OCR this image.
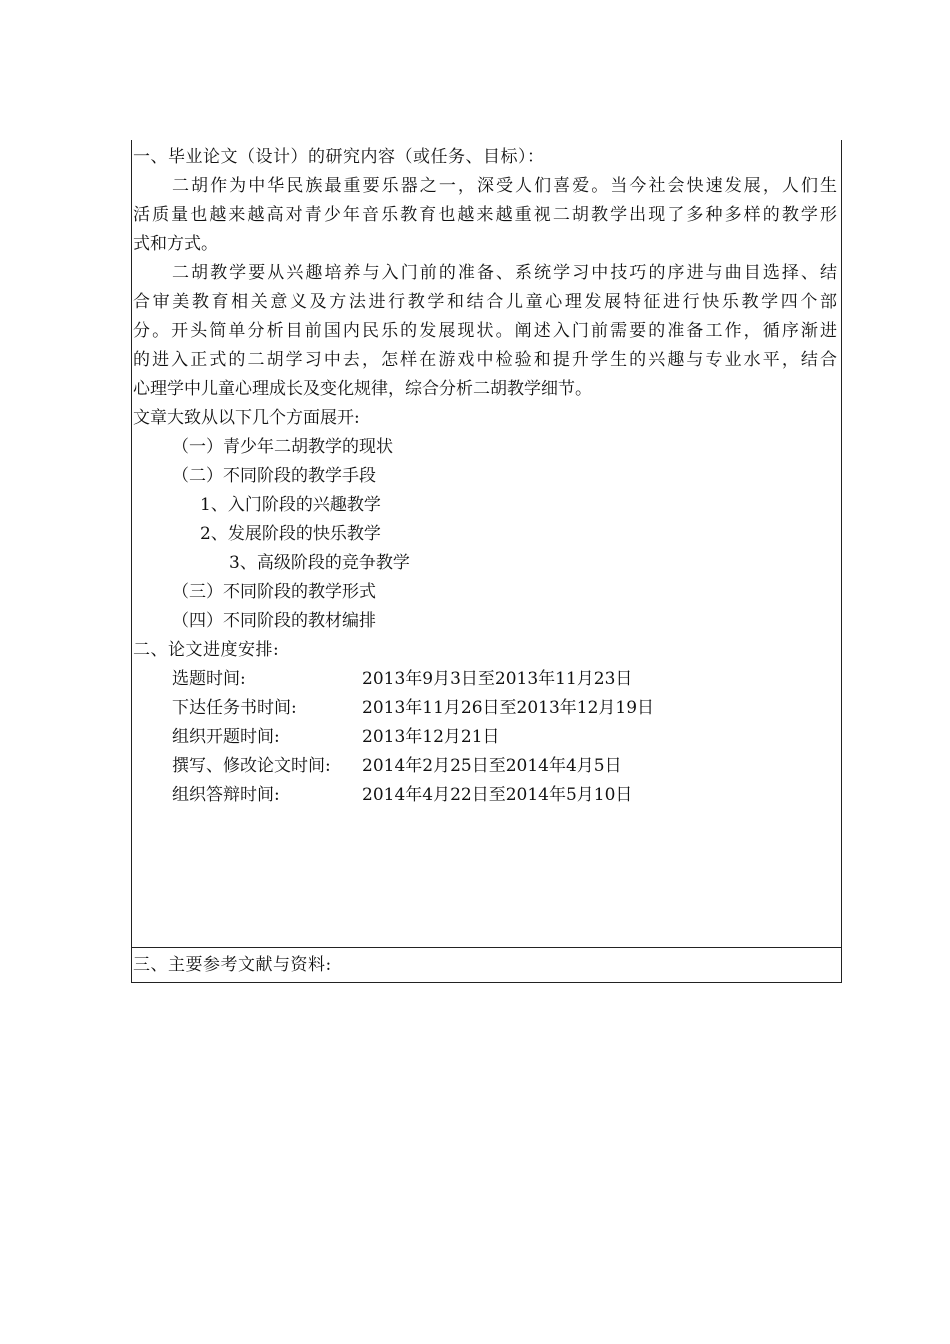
一、毕业论文（设计）的研究内容（或任务、目标）：
二胡作为中华民族最重要乐器之一，深受人们喜爱。当今社会快速发展，人们生
活质量也越来越高对青少年音乐教育也越来越重视二胡教学出现了多种多样的教学形
式和方式。
二胡教学要从兴趣培养与入门前的准备、系统学习中技巧的序进与曲目选择、结
合审美教育相关意义及方法进行教学和结合儿童心理发展特征进行快乐教学四个部
分。开头简单分析目前国内民乐的发展现状。阐述入门前需要的准备工作，循序渐进
的进入正式的二胡学习中去，怎样在游戏中检验和提升学生的兴趣与专业水平，结合
心理学中儿童心理成长及变化规律，综合分析二胡教学细节。
文章大致从以下几个方面展开:
（一）青少年二胡教学的现状
（二）不同阶段的教学手段
1、入门阶段的兴趣教学
2、发展阶段的快乐教学
3、高级阶段的竞争教学
（三）不同阶段的教学形式
（四）不同阶段的教材编排
二、论文进度安排:
选题时间:	2013年9月3日至2013年11月23日
下达任务书时间:	2013年11月26日至2013年12月19日
组织开题时间:	2013年12月21日
撰写、修改论文时间: 2014年2月25日至2014年4月5日
组织答辩时间:	2014年4月22日至2014年5月10日
三、主要参考文献与资料:
